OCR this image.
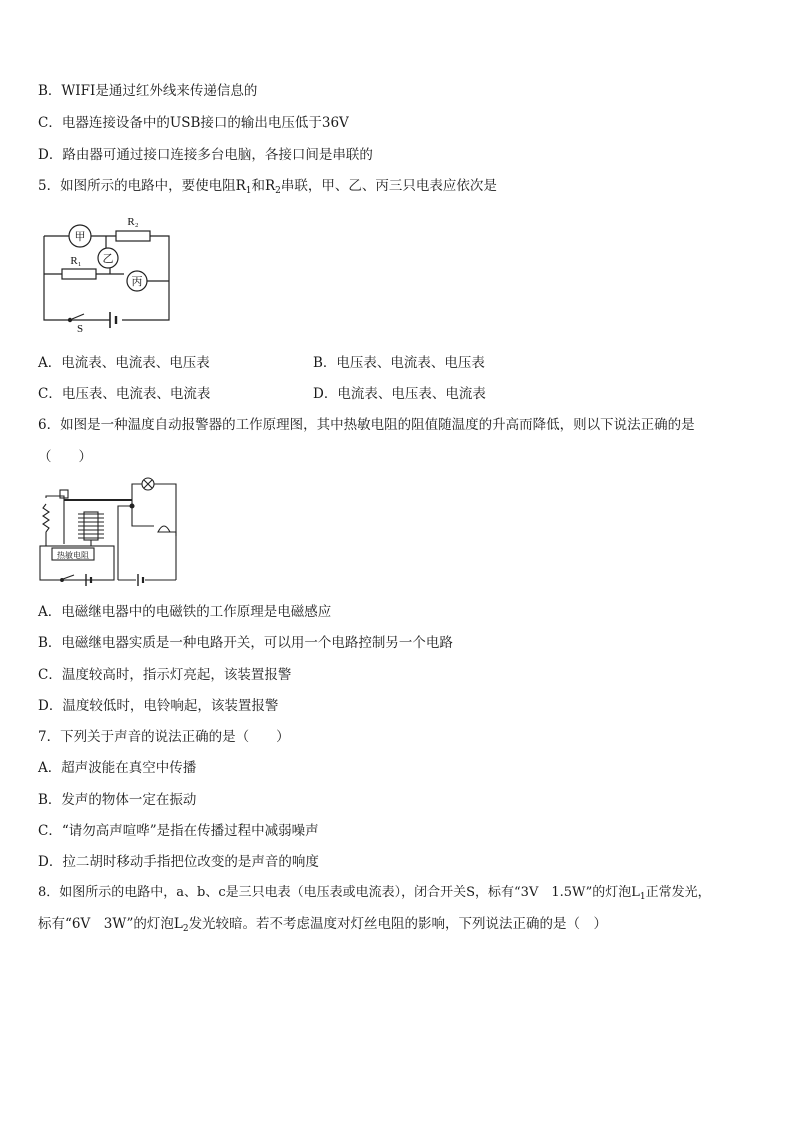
B．WIFI是通过红外线来传递信息的
C．电器连接设备中的USB接口的输出电压低于36V
D．路由器可通过接口连接多台电脑，各接口间是串联的
5．如图所示的电路中，要使电阻$R_1$和$R_2$串联，甲、乙、丙三只电表应依次是
甲
乙
丙
R₂
R₁
S
A．电流表、电流表、电压表	B．电压表、电流表、电压表
C．电压表、电流表、电流表	D．电流表、电压表、电流表
6．如图是一种温度自动报警器的工作原理图，其中热敏电阻的阻值随温度的升高而降低，则以下说法正确的是
（　　）
热敏电阻
A．电磁继电器中的电磁铁的工作原理是电磁感应
B．电磁继电器实质是一种电路开关，可以用一个电路控制另一个电路
C．温度较高时，指示灯亮起，该装置报警
D．温度较低时，电铃响起，该装置报警
7．下列关于声音的说法正确的是（　　）
A．超声波能在真空中传播
B．发声的物体一定在振动
C．“请勿高声喧哗”是指在传播过程中减弱噪声
D．拉二胡时移动手指把位改变的是声音的响度
8．如图所示的电路中，a、b、c是三只电表（电压表或电流表），闭合开关S，标有“3V　1.5W”的灯泡$L_1$正常发光，
标有“6V　3W”的灯泡$L_2$发光较暗。若不考虑温度对灯丝电阻的影响，下列说法正确的是（　）
